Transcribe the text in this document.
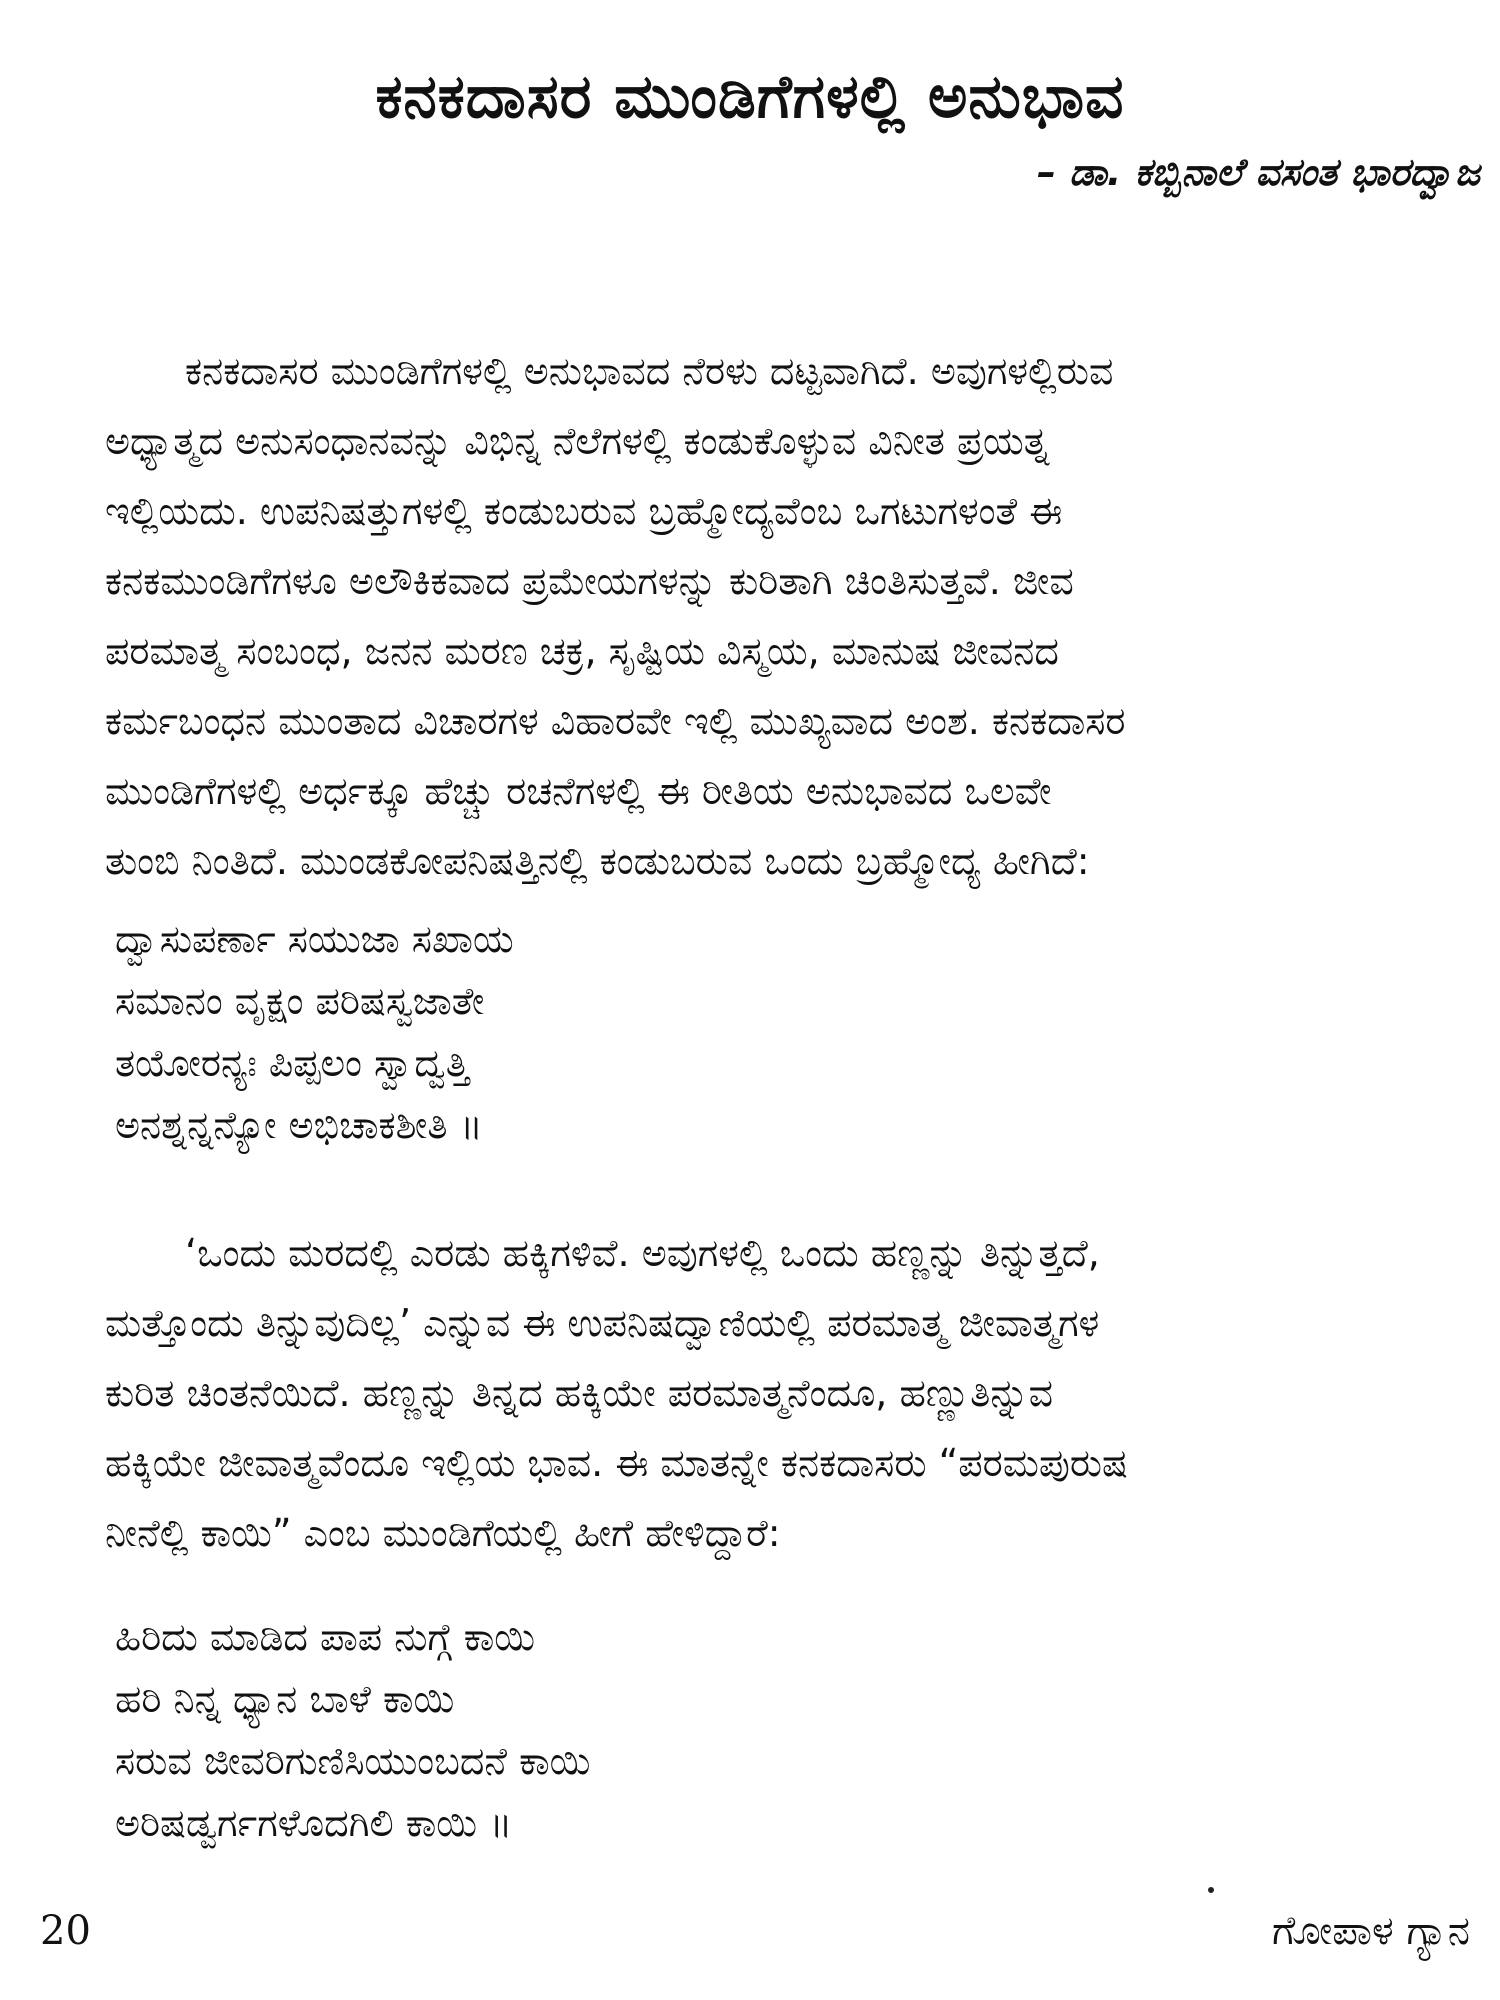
ಕನಕದಾಸರ ಮುಂಡಿಗೆಗಳಲ್ಲಿ ಅನುಭಾವ
– ಡಾ. ಕಬ್ಬಿನಾಲೆ ವಸಂತ ಭಾರದ್ವಾಜ
ಕನಕದಾಸರ ಮುಂಡಿಗೆಗಳಲ್ಲಿ ಅನುಭಾವದ ನೆರಳು ದಟ್ಟವಾಗಿದೆ. ಅವುಗಳಲ್ಲಿರುವ
ಅಧ್ಯಾತ್ಮದ ಅನುಸಂಧಾನವನ್ನು ವಿಭಿನ್ನ ನೆಲೆಗಳಲ್ಲಿ ಕಂಡುಕೊಳ್ಳುವ ವಿನೀತ ಪ್ರಯತ್ನ
ಇಲ್ಲಿಯದು. ಉಪನಿಷತ್ತುಗಳಲ್ಲಿ ಕಂಡುಬರುವ ಬ್ರಹ್ಮೋದ್ಯವೆಂಬ ಒಗಟುಗಳಂತೆ ಈ
ಕನಕಮುಂಡಿಗೆಗಳೂ ಅಲೌಕಿಕವಾದ ಪ್ರಮೇಯಗಳನ್ನು ಕುರಿತಾಗಿ ಚಿಂತಿಸುತ್ತವೆ. ಜೀವ
ಪರಮಾತ್ಮ ಸಂಬಂಧ, ಜನನ ಮರಣ ಚಕ್ರ, ಸೃಷ್ಟಿಯ ವಿಸ್ಮಯ, ಮಾನುಷ ಜೀವನದ
ಕರ್ಮಬಂಧನ ಮುಂತಾದ ವಿಚಾರಗಳ ವಿಹಾರವೇ ಇಲ್ಲಿ ಮುಖ್ಯವಾದ ಅಂಶ. ಕನಕದಾಸರ
ಮುಂಡಿಗೆಗಳಲ್ಲಿ ಅರ್ಧಕ್ಕೂ ಹೆಚ್ಚು ರಚನೆಗಳಲ್ಲಿ ಈ ರೀತಿಯ ಅನುಭಾವದ ಒಲವೇ
ತುಂಬಿ ನಿಂತಿದೆ. ಮುಂಡಕೋಪನಿಷತ್ತಿನಲ್ಲಿ ಕಂಡುಬರುವ ಒಂದು ಬ್ರಹ್ಮೋದ್ಯ ಹೀಗಿದೆ:
ದ್ವಾಸುಪರ್ಣಾ ಸಯುಜಾ ಸಖಾಯ
ಸಮಾನಂ ವೃಕ್ಷಂ ಪರಿಷಸ್ವಜಾತೇ
ತಯೋರನ್ಯಃ ಪಿಪ್ಪಲಂ ಸ್ವಾದ್ವತ್ತಿ
ಅನಶ್ನನ್ನನ್ಯೋ ಅಭಿಚಾಕಶೀತಿ ॥
‘ಒಂದು ಮರದಲ್ಲಿ ಎರಡು ಹಕ್ಕಿಗಳಿವೆ. ಅವುಗಳಲ್ಲಿ ಒಂದು ಹಣ್ಣನ್ನು ತಿನ್ನುತ್ತದೆ,
ಮತ್ತೊಂದು ತಿನ್ನುವುದಿಲ್ಲ’ ಎನ್ನುವ ಈ ಉಪನಿಷದ್ವಾಣಿಯಲ್ಲಿ ಪರಮಾತ್ಮ ಜೀವಾತ್ಮಗಳ
ಕುರಿತ ಚಿಂತನೆಯಿದೆ. ಹಣ್ಣನ್ನು ತಿನ್ನದ ಹಕ್ಕಿಯೇ ಪರಮಾತ್ಮನೆಂದೂ, ಹಣ್ಣುತಿನ್ನುವ
ಹಕ್ಕಿಯೇ ಜೀವಾತ್ಮವೆಂದೂ ಇಲ್ಲಿಯ ಭಾವ. ಈ ಮಾತನ್ನೇ ಕನಕದಾಸರು “ಪರಮಪುರುಷ
ನೀನೆಲ್ಲಿ ಕಾಯಿ” ಎಂಬ ಮುಂಡಿಗೆಯಲ್ಲಿ ಹೀಗೆ ಹೇಳಿದ್ದಾರೆ:
ಹಿರಿದು ಮಾಡಿದ ಪಾಪ ನುಗ್ಗೆ ಕಾಯಿ
ಹರಿ ನಿನ್ನ ಧ್ಯಾನ ಬಾಳೆ ಕಾಯಿ
ಸರುವ ಜೀವರಿಗುಣಿಸಿಯುಂಬದನೆ ಕಾಯಿ
ಅರಿಷಡ್ವರ್ಗಗಳೊದಗಿಲಿ ಕಾಯಿ ॥
20	ಗೋಪಾಳ ಗ್ಯಾನ
